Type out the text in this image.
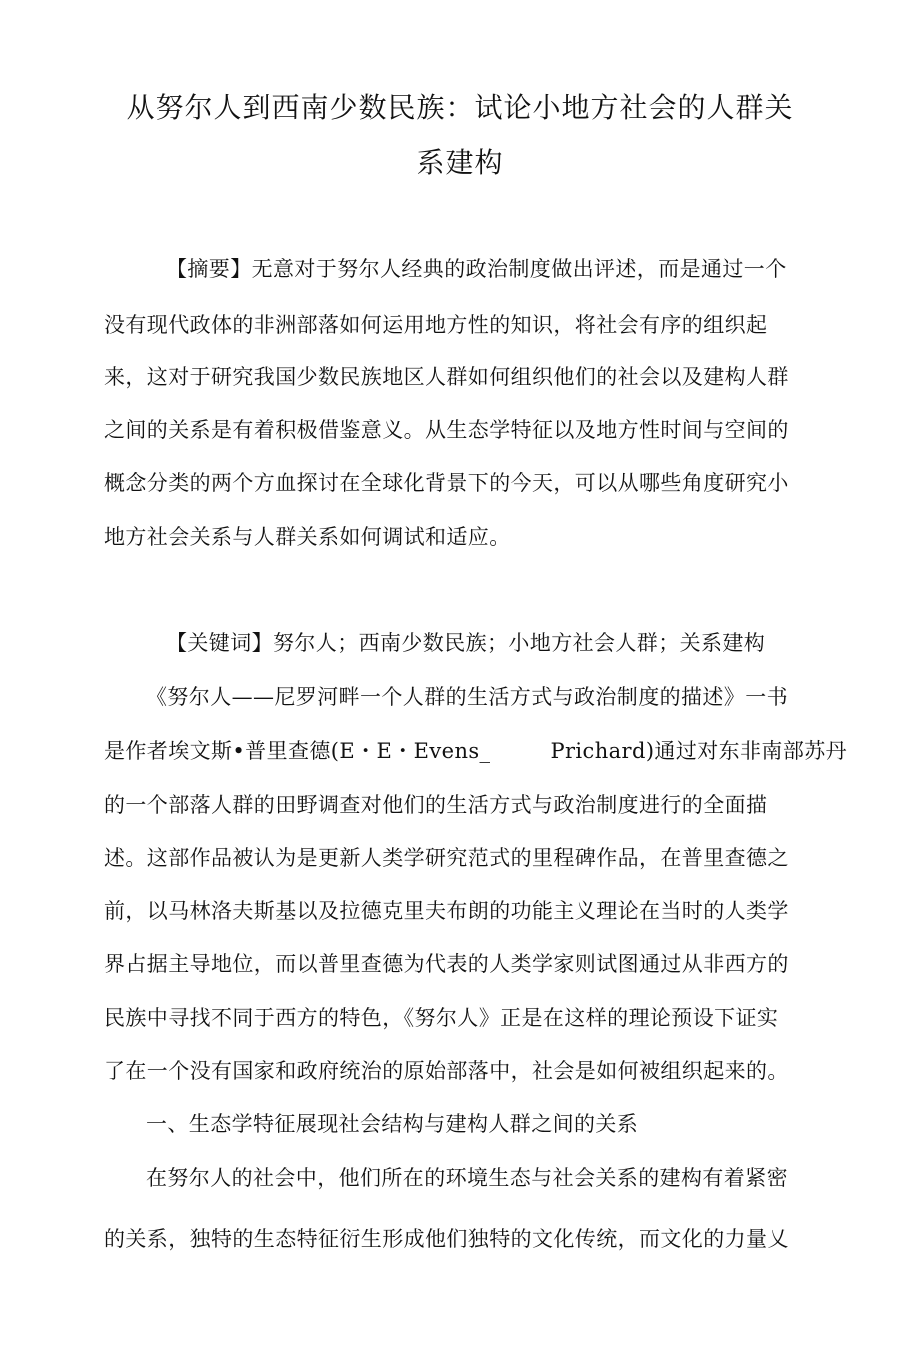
从努尔人到西南少数民族：试论小地方社会的人群关
系建构
【摘要】无意对于努尔人经典的政治制度做出评述，而是通过一个
没有现代政体的非洲部落如何运用地方性的知识，将社会有序的组织起
来，这对于研究我国少数民族地区人群如何组织他们的社会以及建构人群
之间的关系是有着积极借鉴意义。从生态学特征以及地方性时间与空间的
概念分类的两个方血探讨在全球化背景下的今天，可以从哪些角度研究小
地方社会关系与人群关系如何调试和适应。
【关键词】努尔人；西南少数民族；小地方社会人群；关系建构
《努尔人——尼罗河畔一个人群的生活方式与政治制度的描述》一书
是作者埃文斯•普里查德(E・E・Evens_	Prichard)通过对东非南部苏丹
的一个部落人群的田野调查对他们的生活方式与政治制度进行的全面描
述。这部作品被认为是更新人类学研究范式的里程碑作品，在普里查德之
前，以马林洛夫斯基以及拉德克里夫布朗的功能主义理论在当时的人类学
界占据主导地位，而以普里查德为代表的人类学家则试图通过从非西方的
民族中寻找不同于西方的特色，《努尔人》正是在这样的理论预设下证实
了在一个没有国家和政府统治的原始部落中，社会是如何被组织起来的。
一、生态学特征展现社会结构与建构人群之间的关系
在努尔人的社会中，他们所在的环境生态与社会关系的建构有着紧密
的关系，独特的生态特征衍生形成他们独特的文化传统，而文化的力量乂
